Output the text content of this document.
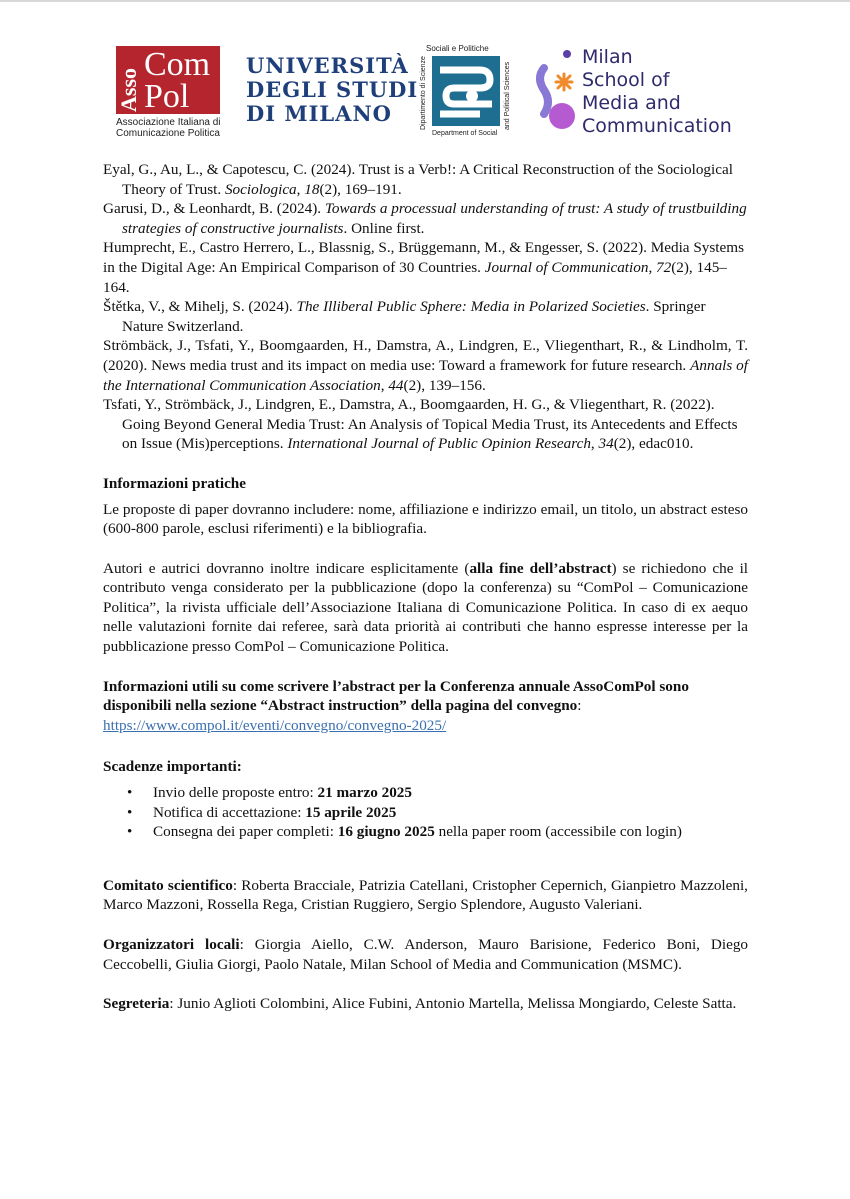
Asso
Com
Pol
Associazione Italiana di
Comunicazione Politica
UNIVERSITÀ
DEGLI STUDI
DI MILANO
Sociali e Politiche
Dipartimento di Scienze	and Political Sciences
Department of Social
Milan
School of
Media and
Communication

Eyal, G., Au, L., & Capotescu, C. (2024). Trust is a Verb!: A Critical Reconstruction of the Sociological Theory of Trust. Sociologica, 18(2), 169–191.

Garusi, D., & Leonhardt, B. (2024). Towards a processual understanding of trust: A study of trustbuilding strategies of constructive journalists. Online first.

Humprecht, E., Castro Herrero, L., Blassnig, S., Brüggemann, M., & Engesser, S. (2022). Media Systems in the Digital Age: An Empirical Comparison of 30 Countries. Journal of Communication, 72(2), 145–164.

Štětka, V., & Mihelj, S. (2024). The Illiberal Public Sphere: Media in Polarized Societies. Springer Nature Switzerland.

Strömbäck, J., Tsfati, Y., Boomgaarden, H., Damstra, A., Lindgren, E., Vliegenthart, R., & Lindholm, T. (2020). News media trust and its impact on media use: Toward a framework for future research. Annals of the International Communication Association, 44(2), 139–156.

Tsfati, Y., Strömbäck, J., Lindgren, E., Damstra, A., Boomgaarden, H. G., & Vliegenthart, R. (2022). Going Beyond General Media Trust: An Analysis of Topical Media Trust, its Antecedents and Effects on Issue (Mis)perceptions. International Journal of Public Opinion Research, 34(2), edac010.

Informazioni pratiche

Le proposte di paper dovranno includere: nome, affiliazione e indirizzo email, un titolo, un abstract esteso (600-800 parole, esclusi riferimenti) e la bibliografia.

Autori e autrici dovranno inoltre indicare esplicitamente (alla fine dell’abstract) se richiedono che il contributo venga considerato per la pubblicazione (dopo la conferenza) su “ComPol – Comunicazione Politica”, la rivista ufficiale dell’Associazione Italiana di Comunicazione Politica. In caso di ex aequo nelle valutazioni fornite dai referee, sarà data priorità ai contributi che hanno espresse interesse per la pubblicazione presso ComPol – Comunicazione Politica.

Informazioni utili su come scrivere l’abstract per la Conferenza annuale AssoComPol sono disponibili nella sezione “Abstract instruction” della pagina del convegno:
https://www.compol.it/eventi/convegno/convegno-2025/

Scadenze importanti:
• Invio delle proposte entro: 21 marzo 2025
• Notifica di accettazione: 15 aprile 2025
• Consegna dei paper completi: 16 giugno 2025 nella paper room (accessibile con login)

Comitato scientifico: Roberta Bracciale, Patrizia Catellani, Cristopher Cepernich, Gianpietro Mazzoleni, Marco Mazzoni, Rossella Rega, Cristian Ruggiero, Sergio Splendore, Augusto Valeriani.

Organizzatori locali: Giorgia Aiello, C.W. Anderson, Mauro Barisione, Federico Boni, Diego Ceccobelli, Giulia Giorgi, Paolo Natale, Milan School of Media and Communication (MSMC).

Segreteria: Junio Aglioti Colombini, Alice Fubini, Antonio Martella, Melissa Mongiardo, Celeste Satta.
